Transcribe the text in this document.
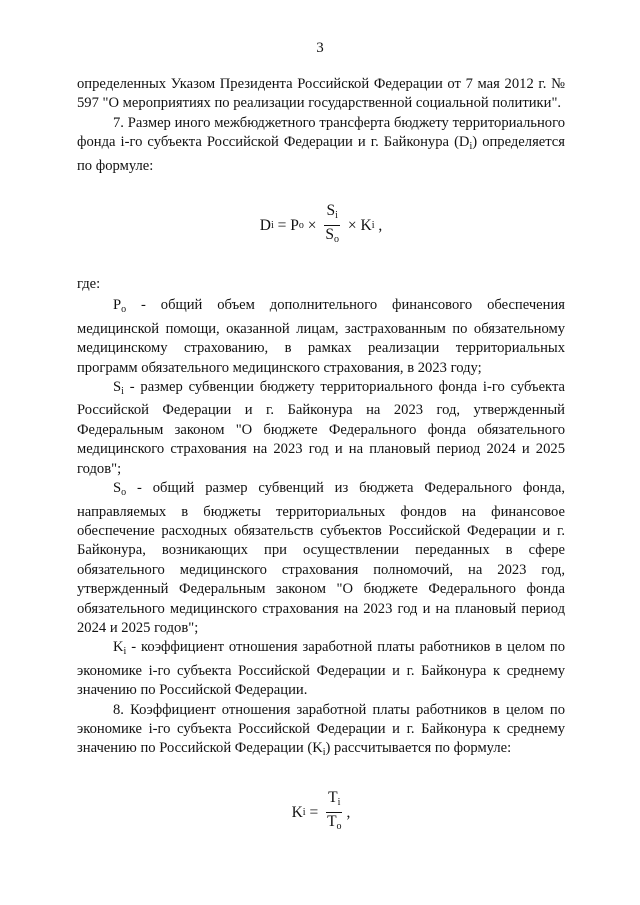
3

определенных Указом Президента Российской Федерации от 7 мая 2012 г. № 597 "О мероприятиях по реализации государственной социальной политики".

7. Размер иного межбюджетного трансферта бюджету территориального фонда i-го субъекта Российской Федерации и г. Байконура $(D_i)$ определяется по формуле:

D i = P $o \times \frac{S_i}{S_o} \times K$ i ,

где:

$P_o$ - общий объем дополнительного финансового обеспечения медицинской помощи, оказанной лицам, застрахованным по обязательному медицинскому страхованию, в рамках реализации территориальных программ обязательного медицинского страхования, в 2023 году;

$S_i$ - размер субвенции бюджету территориального фонда i-го субъекта Российской Федерации и г. Байконура на 2023 год, утвержденный Федеральным законом "О бюджете Федерального фонда обязательного медицинского страхования на 2023 год и на плановый период 2024 и 2025 годов";

$S_o$ - общий размер субвенций из бюджета Федерального фонда, направляемых в бюджеты территориальных фондов на финансовое обеспечение расходных обязательств субъектов Российской Федерации и г. Байконура, возникающих при осуществлении переданных в сфере обязательного медицинского страхования полномочий, на 2023 год, утвержденный Федеральным законом "О бюджете Федерального фонда обязательного медицинского страхования на 2023 год и на плановый период 2024 и 2025 годов";

$K_i$ - коэффициент отношения заработной платы работников в целом по экономике i-го субъекта Российской Федерации и г. Байконура к среднему значению по Российской Федерации.

8. Коэффициент отношения заработной платы работников в целом по экономике i-го субъекта Российской Федерации и г. Байконура к среднему значению по Российской Федерации $(K_i)$ рассчитывается по формуле:

K $i = \frac{T_i}{T_o}$ ,
